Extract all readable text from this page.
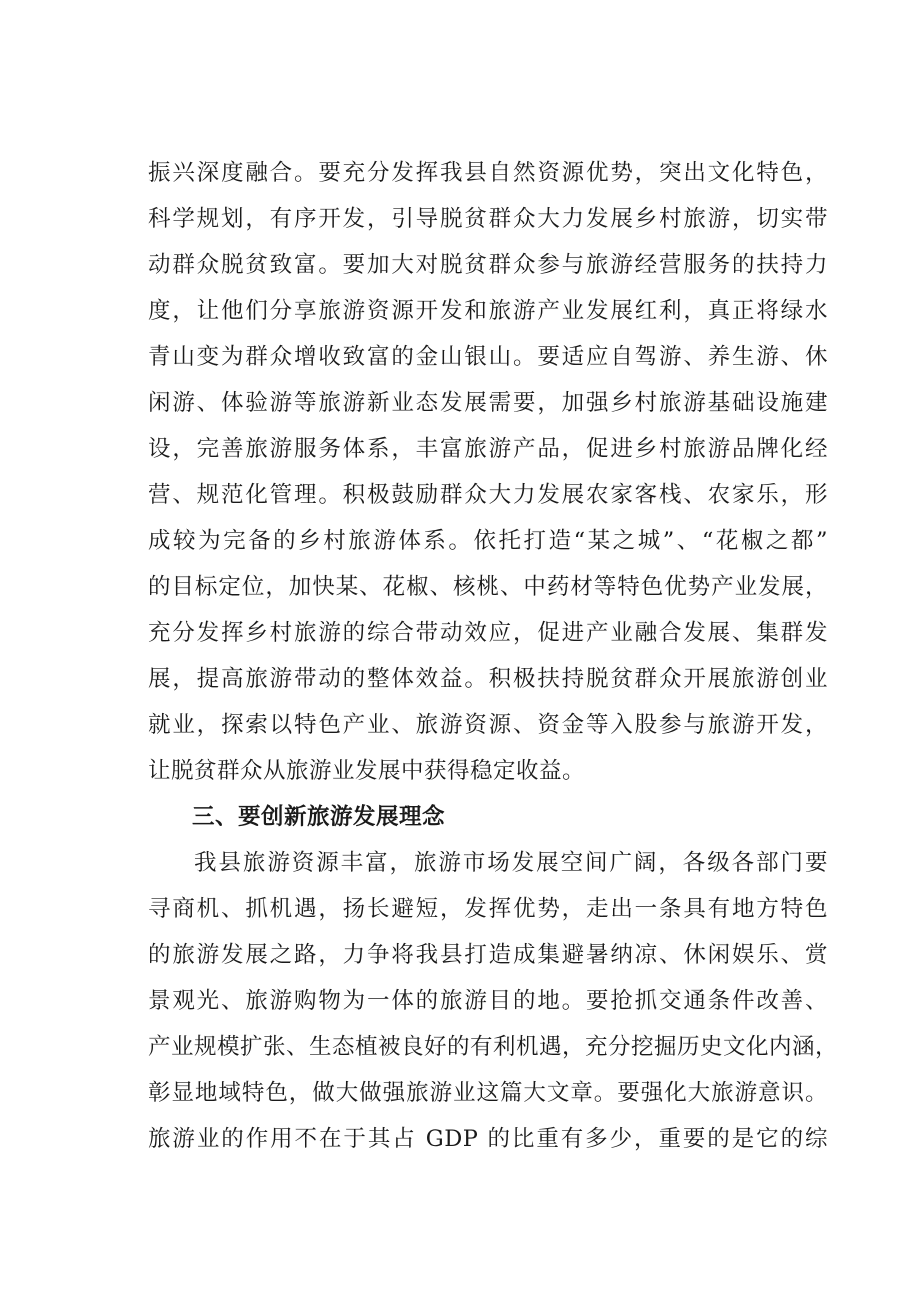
振兴深度融合。要充分发挥我县自然资源优势，突出文化特色，
科学规划，有序开发，引导脱贫群众大力发展乡村旅游，切实带
动群众脱贫致富。要加大对脱贫群众参与旅游经营服务的扶持力
度，让他们分享旅游资源开发和旅游产业发展红利，真正将绿水
青山变为群众增收致富的金山银山。要适应自驾游、养生游、休
闲游、体验游等旅游新业态发展需要，加强乡村旅游基础设施建
设，完善旅游服务体系，丰富旅游产品，促进乡村旅游品牌化经
营、规范化管理。积极鼓励群众大力发展农家客栈、农家乐，形
成较为完备的乡村旅游体系。依托打造“某之城”、“花椒之都”
的目标定位，加快某、花椒、核桃、中药材等特色优势产业发展，
充分发挥乡村旅游的综合带动效应，促进产业融合发展、集群发
展，提高旅游带动的整体效益。积极扶持脱贫群众开展旅游创业
就业，探索以特色产业、旅游资源、资金等入股参与旅游开发，
让脱贫群众从旅游业发展中获得稳定收益。
三、要创新旅游发展理念
我县旅游资源丰富，旅游市场发展空间广阔，各级各部门要
寻商机、抓机遇，扬长避短，发挥优势，走出一条具有地方特色
的旅游发展之路，力争将我县打造成集避暑纳凉、休闲娱乐、赏
景观光、旅游购物为一体的旅游目的地。要抢抓交通条件改善、
产业规模扩张、生态植被良好的有利机遇，充分挖掘历史文化内涵，
彰显地域特色，做大做强旅游业这篇大文章。要强化大旅游意识。
旅游业的作用不在于其占 GDP 的比重有多少，重要的是它的综
